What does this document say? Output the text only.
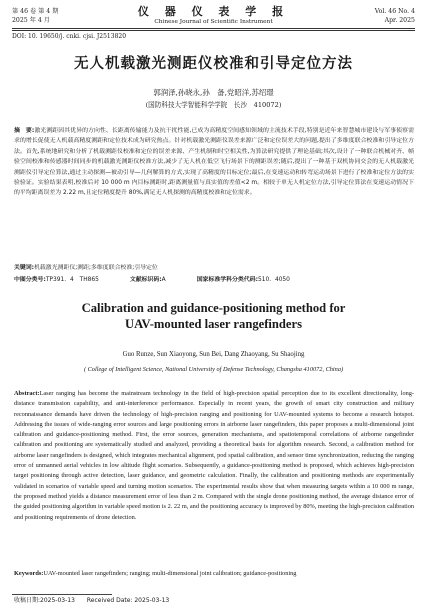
第 46 卷 第 4 期
2025 年 4 月
仪 器 仪 表 学 报
Chinese Journal of Scientific Instrument
Vol. 46 No. 4
Apr. 2025
DOI: 10. 19650/j. cnki. cjsi. J2513820
无人机载激光测距仪校准和引导定位方法
郭润泽,孙晓永,孙　备,党昭洋,苏绍璟
(国防科技大学智能科学学院　长沙　410072)
摘　要:激光测距因其优异的方向性、长距离传输能力及抗干扰性能,已成为高精度空间感知领域的主流技术手段,特别是近年来智慧城市建设与军事侦察需求的增长促使无人机载高精度测距和定位技术成为研究热点。针对机载激光测距仪误差来源广泛和定位误差大的问题,提出了多维度联合校准和引导定位方法。首先,系统地研究和分析了机载测距仪校准和定位的误差来源、产生机制和时空相关性,为算法研究提供了理论基础;其次,设计了一种联合机械对齐、帧验空间校准和传感器时间同步的机载激光测距仪校准方法,减少了无人机在低空飞行场景下的测距误差;随后,提出了一种基于双机协同交会的无人机载激光测距仪引导定位算法,通过主动探测—被动引导—几何解算的方式,实现了高精度的目标定位;最后,在变速运动和转弯运动场景下进行了校准和定位方法的实验验证。实验结果表明,校准后对 10 000 m 内目标测距时,距离测量值与真实值的差值<2 m。相较于单无人机定位方法,引导定位算法在变速运动情况下的平均距离误差为 2.22 m,且定位精度提升 80%,满足无人机探测的高精度校准和定位需求。
关键词:机载激光测距仪;测距;多维度联合校准;引导定位
中图分类号:TP391. 4　TH865	文献标识码:A	国家标准学科分类代码:510. 4050
Calibration and guidance-positioning method for
UAV-mounted laser rangefinders
Guo Runze, Sun Xiaoyong, Sun Bei, Dang Zhaoyang, Su Shaojing
( College of Intelligent Science, National University of Defense Technology, Changsha 410072, China)
Abstract:Laser ranging has become the mainstream technology in the field of high-precision spatial perception due to its excellent directionality, long-distance transmission capability, and anti-interference performance. Especially in recent years, the growth of smart city construction and military reconnaissance demands have driven the technology of high-precision ranging and positioning for UAV-mounted systems to become a research hotspot. Addressing the issues of wide-ranging error sources and large positioning errors in airborne laser rangefinders, this paper proposes a multi-dimensional joint calibration and guidance-positioning method. First, the error sources, generation mechanisms, and spatiotemporal correlations of airborne rangefinder calibration and positioning are systematically studied and analyzed, providing a theoretical basis for algorithm research. Second, a calibration method for airborne laser rangefinders is designed, which integrates mechanical alignment, pod spatial calibration, and sensor time synchronization, reducing the ranging error of unmanned aerial vehicles in low altitude flight scenarios. Subsequently, a guidance-positioning method is proposed, which achieves high-precision target positioning through active detection, laser guidance, and geometric calculation. Finally, the calibration and positioning methods are experimentally validated in scenarios of variable speed and turning motion scenarios. The experimental results show that when measuring targets within a 10 000 m range, the proposed method yields a distance measurement error of less than 2 m. Compared with the single drone positioning method, the average distance error of the guided positioning algorithm in variable speed motion is 2. 22 m, and the positioning accuracy is improved by 80%, meeting the high-precision calibration and positioning requirements of drone detection.
Keywords:UAV-mounted laser rangefinders; ranging; multi-dimensional joint calibration; guidance-positioning
收稿日期:2025-03-13　　Received Date: 2025-03-13
